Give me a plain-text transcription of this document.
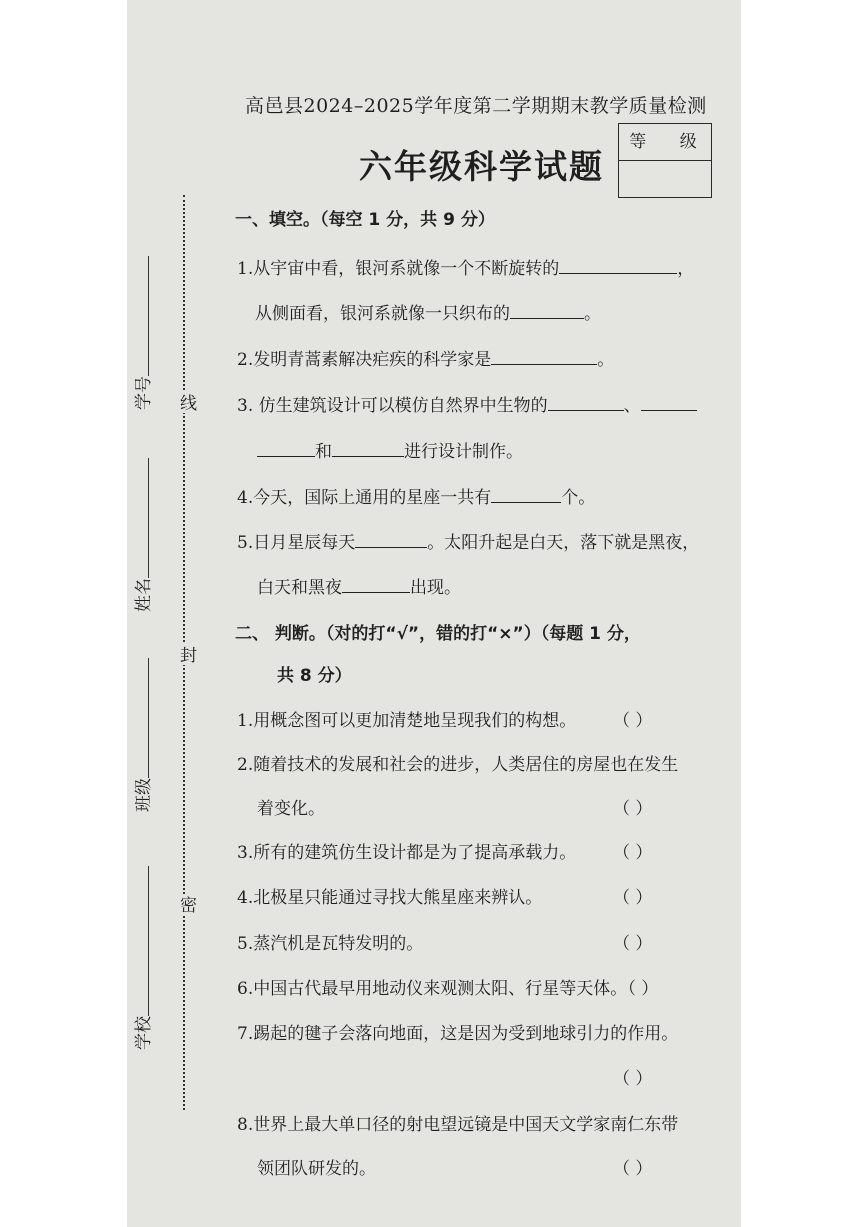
线
封
密
学号
姓名
班级
学校
高邑县2024–2025学年度第二学期期末教学质量检测
六年级科学试题
等 级
一、填空。（每空 1 分，共 9 分）
1.从宇宙中看，银河系就像一个不断旋转的	，
从侧面看，银河系就像一只织布的	。
2.发明青蒿素解决疟疾的科学家是	。
3. 仿生建筑设计可以模仿自然界中生物的	、
和	进行设计制作。
4.今天，国际上通用的星座一共有	个。
5.日月星辰每天	。太阳升起是白天，落下就是黑夜，
白天和黑夜	出现。
二、 判断。（对的打“√”，错的打“×”）（每题 1 分，
共 8 分）
1.用概念图可以更加清楚地呈现我们的构想。 （ ）
2.随着技术的发展和社会的进步，人类居住的房屋也在发生
着变化。	（ ）
3.所有的建筑仿生设计都是为了提高承载力。 （ ）
4.北极星只能通过寻找大熊星座来辨认。	（ ）
5.蒸汽机是瓦特发明的。	（ ）
6.中国古代最早用地动仪来观测太阳、行星等天体。
（ ）
7.踢起的毽子会落向地面，这是因为受到地球引力的作用。
（ ）
8.世界上最大单口径的射电望远镜是中国天文学家南仁东带
领团队研发的。	（ ）
